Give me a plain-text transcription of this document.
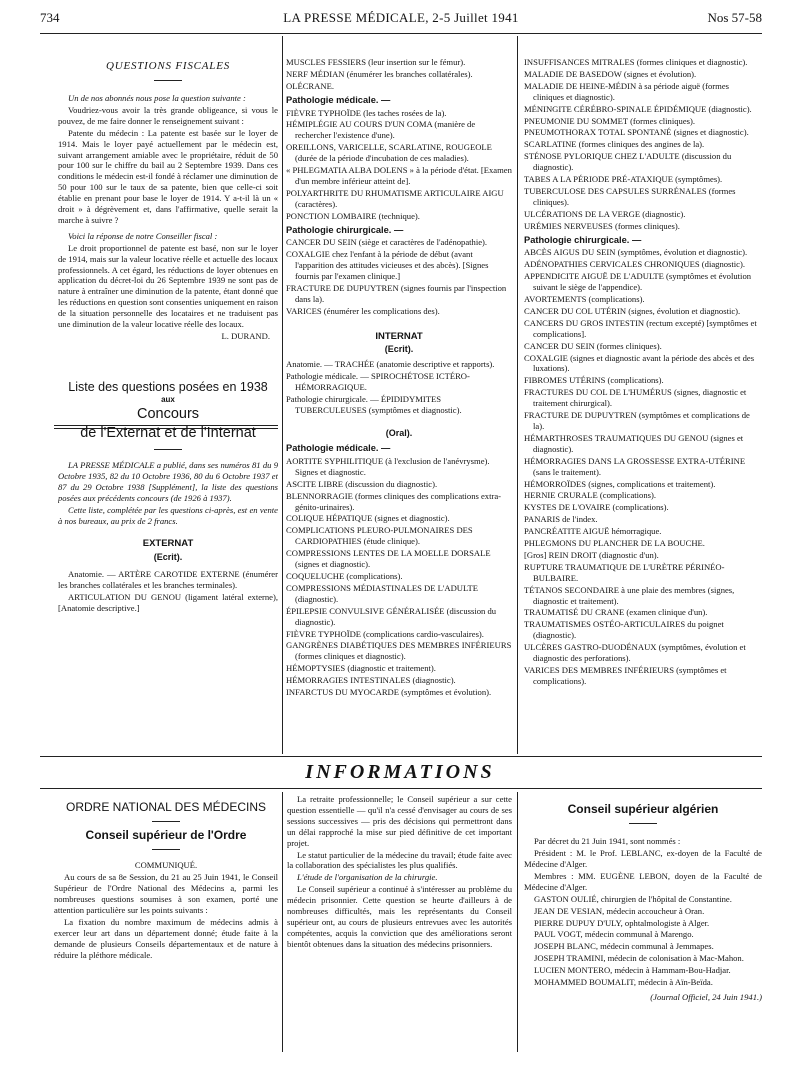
734	LA PRESSE MÉDICALE, 2-5 Juillet 1941	Nos 57-58
QUESTIONS FISCALES

Un de nos abonnés nous pose la question suivante :

Voudriez-vous avoir la très grande obligeance, si vous le pouvez, de me faire donner le renseignement suivant :

Patente du médecin : La patente est basée sur le loyer de 1914. Mais le loyer payé actuellement par le médecin est, suivant arrangement amiable avec le propriétaire, réduit de 50 pour 100 sur le chiffre du bail au 2 Septembre 1939. Dans ces conditions le médecin est-il fondé à réclamer une diminution de 50 pour 100 sur le taux de sa patente, bien que celle-ci soit établie en prenant pour base le loyer de 1914. Y a-t-il là un « droit » à dégrèvement et, dans l'affirmative, quelle serait la marche à suivre ?

Voici la réponse de notre Conseiller fiscal :

Le droit proportionnel de patente est basé, non sur le loyer de 1914, mais sur la valeur locative réelle et actuelle des locaux professionnels. A cet égard, les réductions de loyer obtenues en application du décret-loi du 26 Septembre 1939 ne sont pas de nature à entraîner une diminution de la patente, étant donné que les réductions en question sont consenties uniquement en raison de la situation personnelle des locataires et ne traduisent pas une diminution de la valeur locative réelle des locaux.

L. DURAND.

Liste des questions posées en 1938
aux
Concours
de l'Externat et de l'Internat

LA PRESSE MÉDICALE a publié, dans ses numéros 81 du 9 Octobre 1935, 82 du 10 Octobre 1936, 80 du 6 Octobre 1937 et 87 du 29 Octobre 1938 [Supplément], la liste des questions posées aux précédents concours (de 1926 à 1937).

Cette liste, complétée par les questions ci-après, est en vente à nos bureaux, au prix de 2 francs.

EXTERNAT

(Ecrit).

Anatomie. — ARTÈRE CAROTIDE EXTERNE (énumérer les branches collatérales et les branches terminales).

ARTICULATION DU GENOU (ligament latéral externe), [Anatomie descriptive.]

MUSCLES FESSIERS (leur insertion sur le fémur).

NERF MÉDIAN (énumérer les branches collatérales).

OLÉCRANE.

Pathologie médicale. —

FIÈVRE TYPHOÏDE (les taches rosées de la).

HÉMIPLÉGIE AU COURS D'UN COMA (manière de rechercher l'existence d'une).

OREILLONS, VARICELLE, SCARLATINE, ROUGEOLE (durée de la période d'incubation de ces maladies).

« PHLEGMATIA ALBA DOLENS » à la période d'état. [Examen d'un membre inférieur atteint de].

POLYARTHRITE DU RHUMATISME ARTICULAIRE AIGU (caractères).

PONCTION LOMBAIRE (technique).

Pathologie chirurgicale. —

CANCER DU SEIN (siège et caractères de l'adénopathie).

COXALGIE chez l'enfant à la période de début (avant l'apparition des attitudes vicieuses et des abcès). [Signes fournis par l'examen clinique.]

FRACTURE DE DUPUYTREN (signes fournis par l'inspection dans la).

VARICES (énumérer les complications des).

INTERNAT

(Ecrit).

Anatomie. — TRACHÉE (anatomie descriptive et rapports).

Pathologie médicale. — SPIROCHÉTOSE ICTÉRO-HÉMORRAGIQUE.

Pathologie chirurgicale. — ÉPIDIDYMITES TUBERCULEUSES (symptômes et diagnostic).

(Oral).

Pathologie médicale. —

AORTITE SYPHILITIQUE (à l'exclusion de l'anévrysme). Signes et diagnostic.

ASCITE LIBRE (discussion du diagnostic).

BLENNORRAGIE (formes cliniques des complications extra-génito-urinaires).

COLIQUE HÉPATIQUE (signes et diagnostic).

COMPLICATIONS PLEURO-PULMONAIRES DES CARDIOPATHIES (étude clinique).

COMPRESSIONS LENTES DE LA MOELLE DORSALE (signes et diagnostic).

COQUELUCHE (complications).

COMPRESSIONS MÉDIASTINALES DE L'ADULTE (diagnostic).

ÉPILEPSIE CONVULSIVE GÉNÉRALISÉE (discussion du diagnostic).

FIÈVRE TYPHOÏDE (complications cardio-vasculaires).

GANGRÈNES DIABÉTIQUES DES MEMBRES INFÉRIEURS (formes cliniques et diagnostic).

HÉMOPTYSIES (diagnostic et traitement).

HÉMORRAGIES INTESTINALES (diagnostic).

INFARCTUS DU MYOCARDE (symptômes et évolution).

INSUFFISANCES MITRALES (formes cliniques et diagnostic).

MALADIE DE BASEDOW (signes et évolution).

MALADIE DE HEINE-MÉDIN à sa période aiguë (formes cliniques et diagnostic).

MÉNINGITE CÉRÉBRO-SPINALE ÉPIDÉMIQUE (diagnostic).

PNEUMONIE DU SOMMET (formes cliniques).

PNEUMOTHORAX TOTAL SPONTANÉ (signes et diagnostic).

SCARLATINE (formes cliniques des angines de la).

STÉNOSE PYLORIQUE CHEZ L'ADULTE (discussion du diagnostic).

TABES A LA PÉRIODE PRÉ-ATAXIQUE (symptômes).

TUBERCULOSE DES CAPSULES SURRÉNALES (formes cliniques).

ULCÉRATIONS DE LA VERGE (diagnostic).

URÉMIES NERVEUSES (formes cliniques).

Pathologie chirurgicale. —

ABCÈS AIGUS DU SEIN (symptômes, évolution et diagnostic).

ADÉNOPATHIES CERVICALES CHRONIQUES (diagnostic).

APPENDICITE AIGUË DE L'ADULTE (symptômes et évolution suivant le siège de l'appendice).

AVORTEMENTS (complications).

CANCER DU COL UTÉRIN (signes, évolution et diagnostic).

CANCERS DU GROS INTESTIN (rectum excepté) [symptômes et complications].

CANCER DU SEIN (formes cliniques).

COXALGIE (signes et diagnostic avant la période des abcès et des luxations).

FIBROMES UTÉRINS (complications).

FRACTURES DU COL DE L'HUMÉRUS (signes, diagnostic et traitement chirurgical).

FRACTURE DE DUPUYTREN (symptômes et complications de la).

HÉMARTHROSES TRAUMATIQUES DU GENOU (signes et diagnostic).

HÉMORRAGIES DANS LA GROSSESSE EXTRA-UTÉRINE (sans le traitement).

HÉMORROÏDES (signes, complications et traitement).

HERNIE CRURALE (complications).

KYSTES DE L'OVAIRE (complications).

PANARIS de l'index.

PANCRÉATITE AIGUË hémorragique.

PHLEGMONS DU PLANCHER DE LA BOUCHE.

[Gros] REIN DROIT (diagnostic d'un).

RUPTURE TRAUMATIQUE DE L'URÈTRE PÉRINÉO-BULBAIRE.

TÉTANOS SECONDAIRE à une plaie des membres (signes, diagnostic et traitement).

TRAUMATISÉ DU CRANE (examen clinique d'un).

TRAUMATISMES OSTÉO-ARTICULAIRES du poignet (diagnostic).

ULCÈRES GASTRO-DUODÉNAUX (symptômes, évolution et diagnostic des perforations).

VARICES DES MEMBRES INFÉRIEURS (symptômes et complications).

INFORMATIONS
ORDRE NATIONAL DES MÉDECINS
Conseil supérieur de l'Ordre

COMMUNIQUÉ.

Au cours de sa 8e Session, du 21 au 25 Juin 1941, le Conseil Supérieur de l'Ordre National des Médecins a, parmi les nombreuses questions soumises à son examen, porté une attention particulière sur les points suivants :

La fixation du nombre maximum de médecins admis à exercer leur art dans un département donné; étude faite à la demande de plusieurs Conseils départementaux et de nature à réduire la pléthore médicale.

La retraite professionnelle; le Conseil supérieur a sur cette question essentielle — qu'il n'a cessé d'envisager au cours de ses sessions successives — pris des décisions qui permettront dans un délai rapproché la mise sur pied définitive de cet important projet.

Le statut particulier de la médecine du travail; étude faite avec la collaboration des spécialistes les plus qualifiés.

L'étude de l'organisation de la chirurgie.

Le Conseil supérieur a continué à s'intéresser au problème du médecin prisonnier. Cette question se heurte d'ailleurs à de nombreuses difficultés, mais les représentants du Conseil supérieur ont, au cours de plusieurs entrevues avec les autorités compétentes, acquis la conviction que des améliorations seront bientôt obtenues dans la situation des médecins prisonniers.

Conseil supérieur algérien

Par décret du 21 Juin 1941, sont nommés :

Président : M. le Prof. LEBLANC, ex-doyen de la Faculté de Médecine d'Alger.

Membres : MM. EUGÈNE LEBON, doyen de la Faculté de Médecine d'Alger.

GASTON OULIÉ, chirurgien de l'hôpital de Constantine.

JEAN DE VESIAN, médecin accoucheur à Oran.

PIERRE DUPUY D'ULY, ophtalmologiste à Alger.

PAUL VOGT, médecin communal à Marengo.

JOSEPH BLANC, médecin communal à Jemmapes.

JOSEPH TRAMINI, médecin de colonisation à Mac-Mahon.

LUCIEN MONTERO, médecin à Hammam-Bou-Hadjar.

MOHAMMED BOUMALIT, médecin à Aïn-Beïda.

(Journal Officiel, 24 Juin 1941.)
